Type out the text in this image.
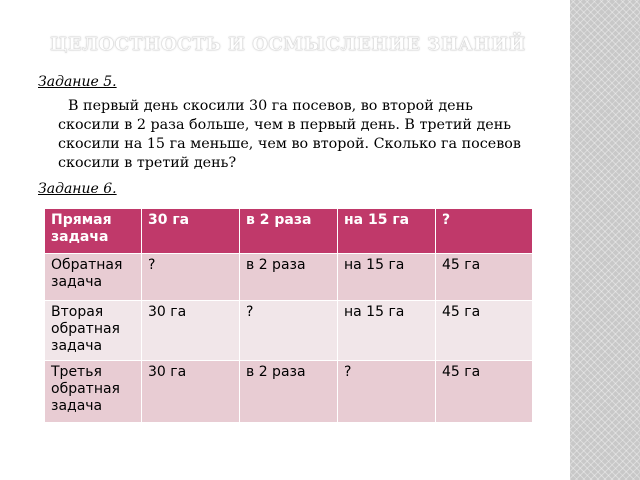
ЦЕЛОСТНОСТЬ И ОСМЫСЛЕНИЕ ЗНАНИЙ
Задание 5.
В первый день скосили 30 га посевов, во второй день скосили в 2 раза больше, чем в первый день. В третий день скосили на 15 га меньше, чем во второй. Сколько га посевов скосили в третий день?
Задание 6.
Прямая задача	30 га	в 2 раза	на 15 га	?
Обратная задача	?	в 2 раза	на 15 га	45 га
Вторая обратная задача	30 га	?	на 15 га	45 га
Третья обратная задача	30 га	в 2 раза	?	45 га
